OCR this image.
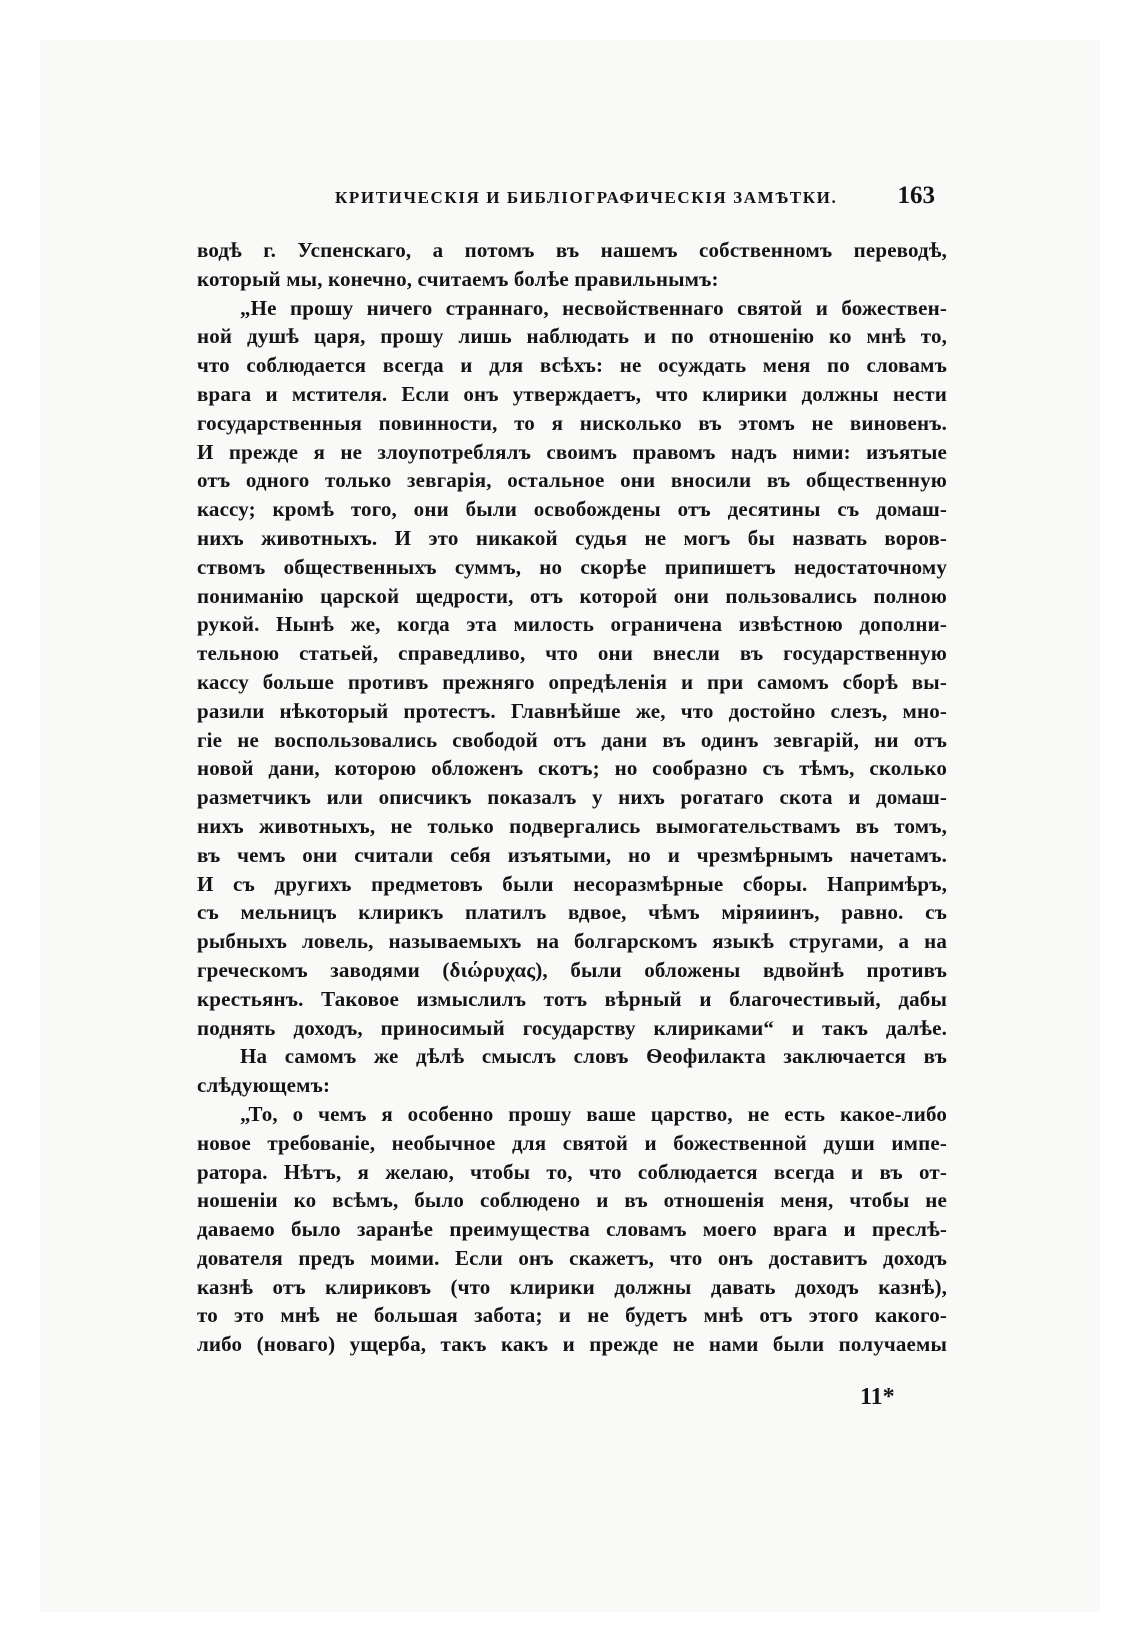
КРИТИЧЕСКІЯ И БИБЛІОГРАФИЧЕСКІЯ ЗАМѢТКИ. 163
водѣ г. Успенскаго, а потомъ въ нашемъ собственномъ переводѣ,
который мы, конечно, считаемъ болѣе правильнымъ:
„Не прошу ничего страннаго, несвойственнаго святой и божествен-
ной душѣ царя, прошу лишь наблюдать и по отношенію ко мнѣ то,
что соблюдается всегда и для всѣхъ: не осуждать меня по словамъ
врага и мстителя. Если онъ утверждаетъ, что клирики должны нести
государственныя повинности, то я нисколько въ этомъ не виновенъ.
И прежде я не злоупотреблялъ своимъ правомъ надъ ними: изъятые
отъ одного только зевгарія, остальное они вносили въ общественную
кассу; кромѣ того, они были освобождены отъ десятины съ домаш-
нихъ животныхъ. И это никакой судья не могъ бы назвать воров-
ствомъ общественныхъ суммъ, но скорѣе припишетъ недостаточному
пониманію царской щедрости, отъ которой они пользовались полною
рукой. Нынѣ же, когда эта милость ограничена извѣстною дополни-
тельною статьей, справедливо, что они внесли въ государственную
кассу больше противъ прежняго опредѣленія и при самомъ сборѣ вы-
разили нѣкоторый протестъ. Главнѣйше же, что достойно слезъ, мно-
гіе не воспользовались свободой отъ дани въ одинъ зевгарій, ни отъ
новой дани, которою обложенъ скотъ; но сообразно съ тѣмъ, сколько
разметчикъ или описчикъ показалъ у нихъ рогатаго скота и домаш-
нихъ животныхъ, не только подвергались вымогательствамъ въ томъ,
въ чемъ они считали себя изъятыми, но и чрезмѣрнымъ начетамъ.
И съ другихъ предметовъ были несоразмѣрные сборы. Напримѣръ,
съ мельницъ клирикъ платилъ вдвое, чѣмъ міряиинъ, равно. съ
рыбныхъ ловель, называемыхъ на болгарскомъ языкѣ стругами, а на
греческомъ заводями (διώρυχας), были обложены вдвойнѣ противъ
крестьянъ. Таковое измыслилъ тотъ вѣрный и благочестивый, дабы
поднять доходъ, приносимый государству клириками“ и такъ далѣе.
На самомъ же дѣлѣ смыслъ словъ Ѳеофилакта заключается въ
слѣдующемъ:
„То, о чемъ я особенно прошу ваше царство, не есть какое-либо
новое требованіе, необычное для святой и божественной души импе-
ратора. Нѣтъ, я желаю, чтобы то, что соблюдается всегда и въ от-
ношеніи ко всѣмъ, было соблюдено и въ отношенія меня, чтобы не
даваемо было заранѣе преимущества словамъ моего врага и преслѣ-
дователя предъ моими. Если онъ скажетъ, что онъ доставитъ доходъ
казнѣ отъ клириковъ (что клирики должны давать доходъ казнѣ),
то это мнѣ не большая забота; и не будетъ мнѣ отъ этого какого-
либо (новаго) ущерба, такъ какъ и прежде не нами были получаемы
11*
